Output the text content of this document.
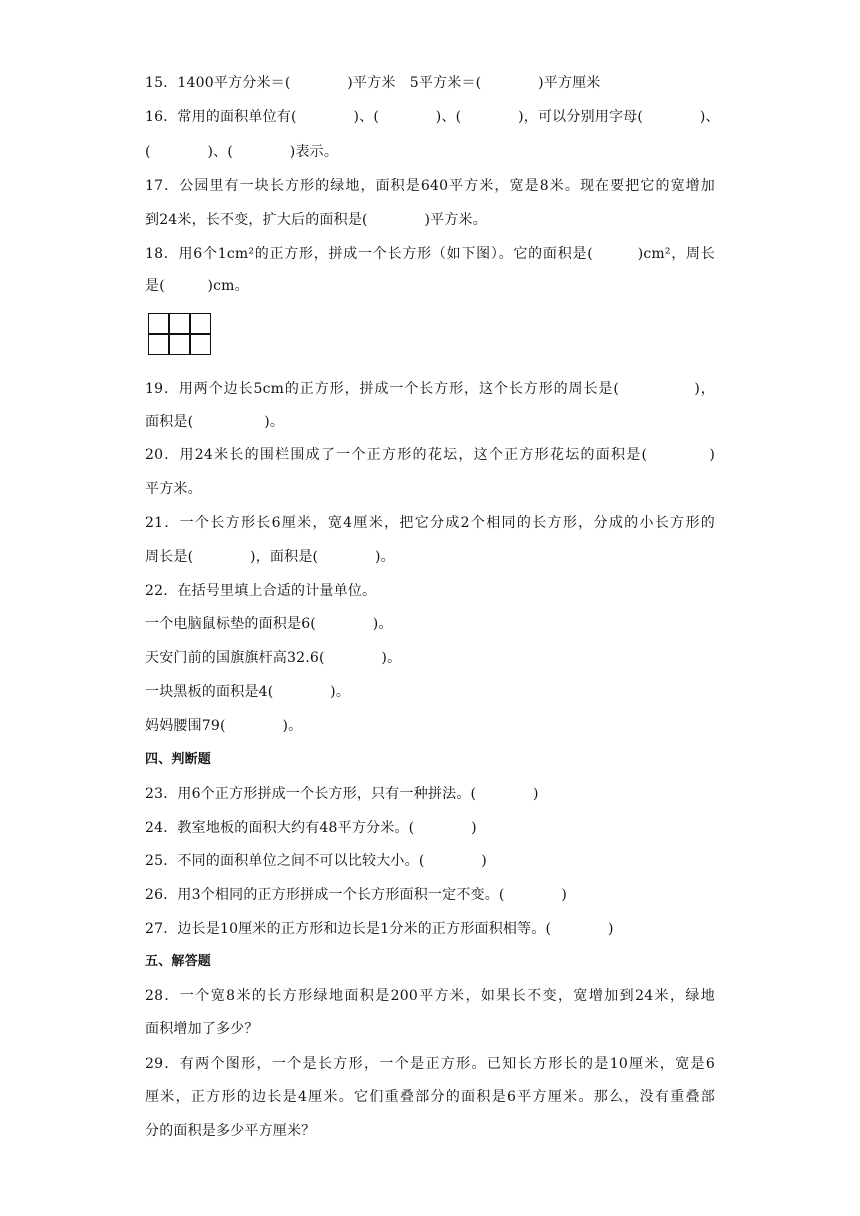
15．1400平方分米＝(　　　　)平方米　5平方米＝(　　　　)平方厘米
16．常用的面积单位有(　　　　)、(　　　　)、(　　　　)，可以分别用字母(　　　　)、
(　　　　)、(　　　　)表示。
17．公园里有一块长方形的绿地，面积是640平方米，宽是8米。现在要把它的宽增加
到24米，长不变，扩大后的面积是(　　　　)平方米。
18．用6个1cm²的正方形，拼成一个长方形（如下图）。它的面积是(　　　)cm²，周长
是(　　　)cm。
19．用两个边长5cm的正方形，拼成一个长方形，这个长方形的周长是(　　　　　)，
面积是(　　　　　)。
20．用24米长的围栏围成了一个正方形的花坛，这个正方形花坛的面积是(　　　　)
平方米。
21．一个长方形长6厘米，宽4厘米，把它分成2个相同的长方形，分成的小长方形的
周长是(　　　　)，面积是(　　　　)。
22．在括号里填上合适的计量单位。
一个电脑鼠标垫的面积是6(　　　　)。
天安门前的国旗旗杆高32.6(　　　　)。
一块黑板的面积是4(　　　　)。
妈妈腰围79(　　　　)。
四、判断题
23．用6个正方形拼成一个长方形，只有一种拼法。(　　　　)
24．教室地板的面积大约有48平方分米。(　　　　)
25．不同的面积单位之间不可以比较大小。(　　　　)
26．用3个相同的正方形拼成一个长方形面积一定不变。(　　　　)
27．边长是10厘米的正方形和边长是1分米的正方形面积相等。(　　　　)
五、解答题
28．一个宽8米的长方形绿地面积是200平方米，如果长不变，宽增加到24米，绿地
面积增加了多少？
29．有两个图形，一个是长方形，一个是正方形。已知长方形长的是10厘米，宽是6
厘米，正方形的边长是4厘米。它们重叠部分的面积是6平方厘米。那么，没有重叠部
分的面积是多少平方厘米？
